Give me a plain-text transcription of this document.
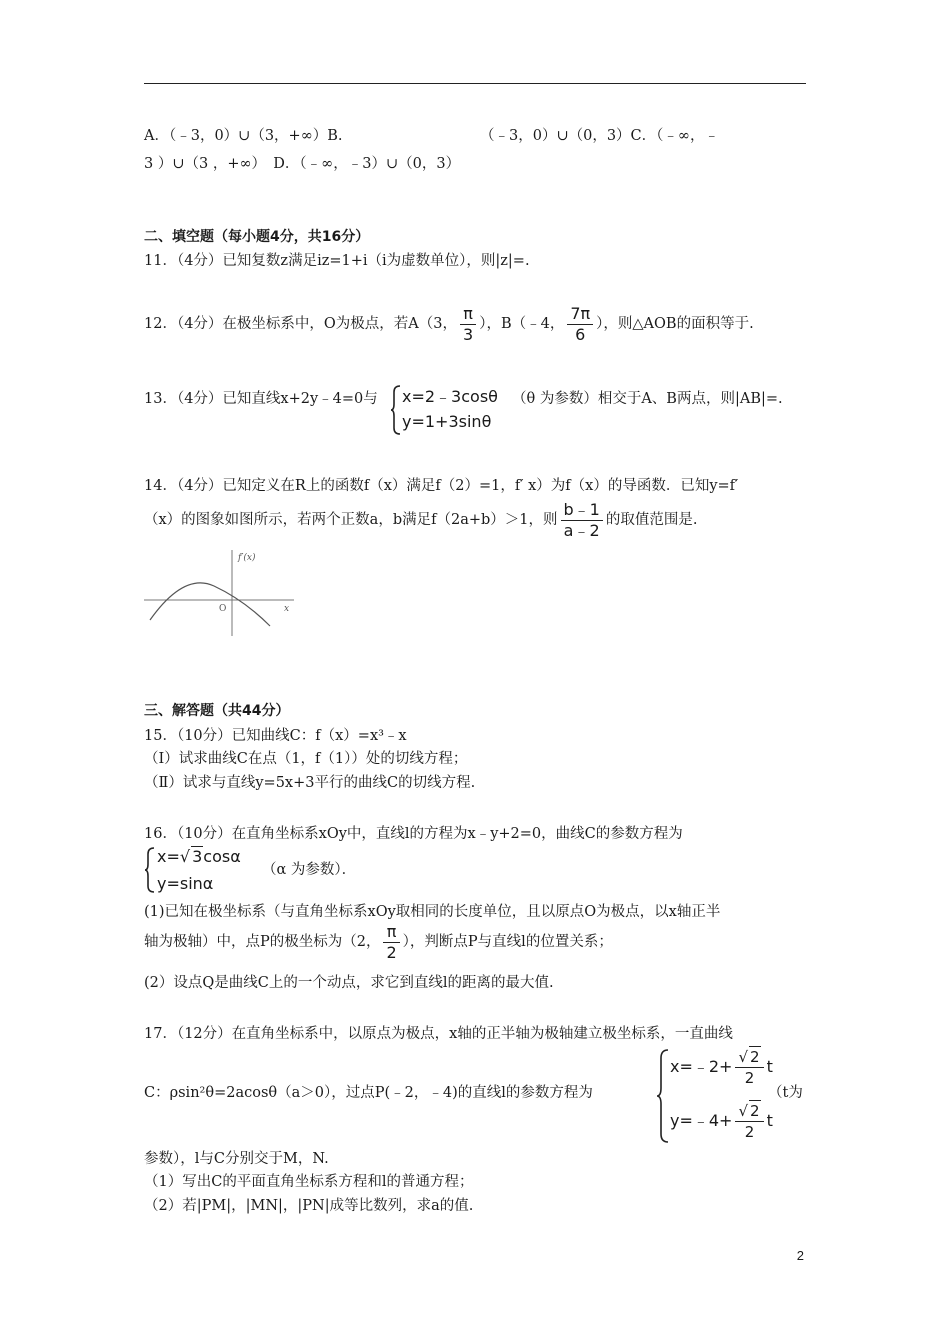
A．（﹣3，0）∪（3，+∞）B.	（﹣3，0）∪（0，3）C．（﹣∞，﹣
3 ）∪（3 ，+∞）　D．（﹣∞，﹣3）∪（0，3）
二、填空题（每小题4分，共16分）
11．（4分）已知复数z满足iz=1+i（i为虚数单位），则|z|=.
12．（4分）在极坐标系中，O为极点，若A（3， $\frac{\pi}{3}$ ），B（﹣4， $\frac{7\pi}{6}$ ），则△AOB的面积等于.
13．（4分）已知直线x+2y﹣4=0与 x=2﹣3cosθ
y=1+3sinθ
（θ 为参数）相交于A、B两点，则|AB|=.
14．（4分）已知定义在R上的函数f（x）满足f（2）=1，f′ x）为f（x）的导函数．已知y=f′
（x）的图象如图所示，若两个正数a，b满足f（2a+b）＞1，则 $\frac{b﹣1}{a﹣2}$ 的取值范围是.
f′(x)
O	x
三、解答题（共44分）
15．（10分）已知曲线C：f（x）=x³﹣x
（Ⅰ）试求曲线C在点（1，f（1））处的切线方程；
（Ⅱ）试求与直线y=5x+3平行的曲线C的切线方程.
16．（10分）在直角坐标系xOy中，直线l的方程为x﹣y+2=0，曲线C的参数方程为
x=√ 3cosα
y=sinα
（α 为参数）．
(1)已知在极坐标系（与直角坐标系xOy取相同的长度单位，且以原点O为极点，以x轴正半
轴为极轴）中，点P的极坐标为（2， $\frac{\pi}{2}$ ），判断点P与直线l的位置关系；
(2）设点Q是曲线C上的一个动点，求它到直线l的距离的最大值.
17．（12分）在直角坐标系中，以原点为极点，x轴的正半轴为极轴建立极坐标系，一直曲线
C：ρsin²θ=2acosθ（a＞0），过点P(﹣2，﹣4)的直线l的参数方程为
x=﹣2+ $\frac{√ 2}{2}$ t
y=﹣4+ $\frac{√ 2}{2}$ t
（t为
参数），l与C分别交于M，N.
（1）写出C的平面直角坐标系方程和l的普通方程；
（2）若|PM|，|MN|，|PN|成等比数列，求a的值.
2
